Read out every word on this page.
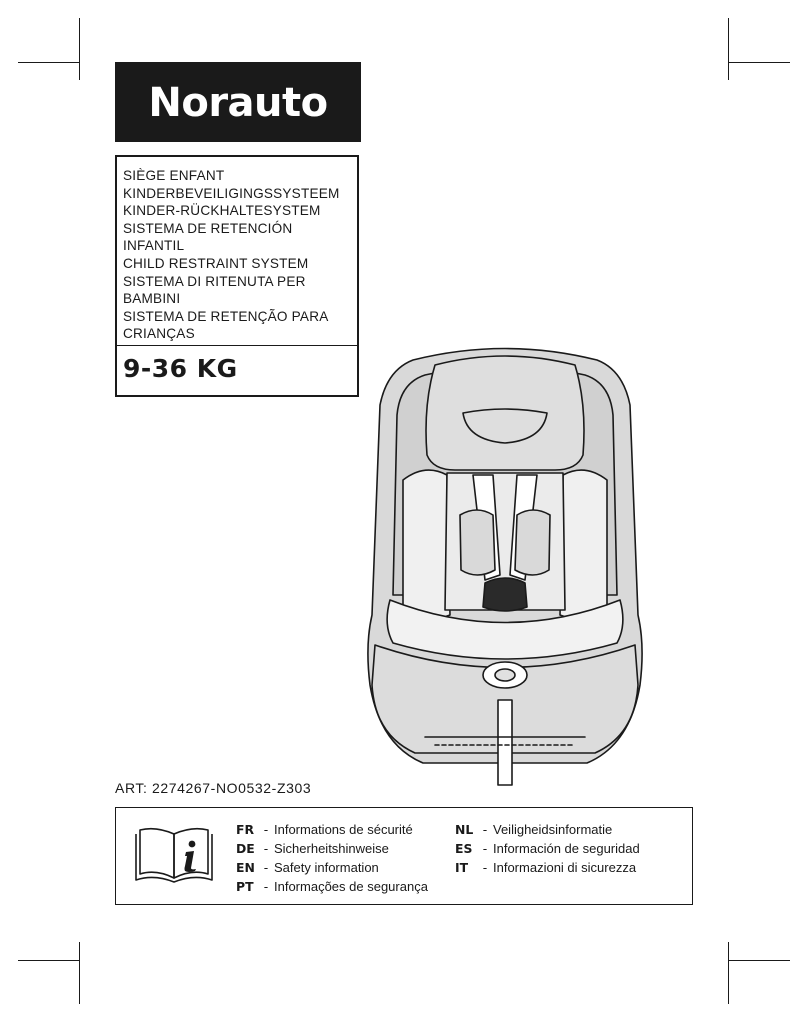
Norauto
SIÈGE ENFANT
KINDERBEVEILIGINGSSYSTEEM
KINDER-RÜCKHALTESYSTEM
SISTEMA DE RETENCIÓN
INFANTIL
CHILD RESTRAINT SYSTEM
SISTEMA DI RITENUTA PER
BAMBINI
SISTEMA DE RETENÇÃO PARA
CRIANÇAS
9-36 KG
ART: 2274267-NO0532-Z303
FR - Informations de sécurité
DE - Sicherheitshinweise
EN - Safety information
PT - Informações de segurança
NL - Veiligheidsinformatie
ES - Información de seguridad
IT	- Informazioni di sicurezza
